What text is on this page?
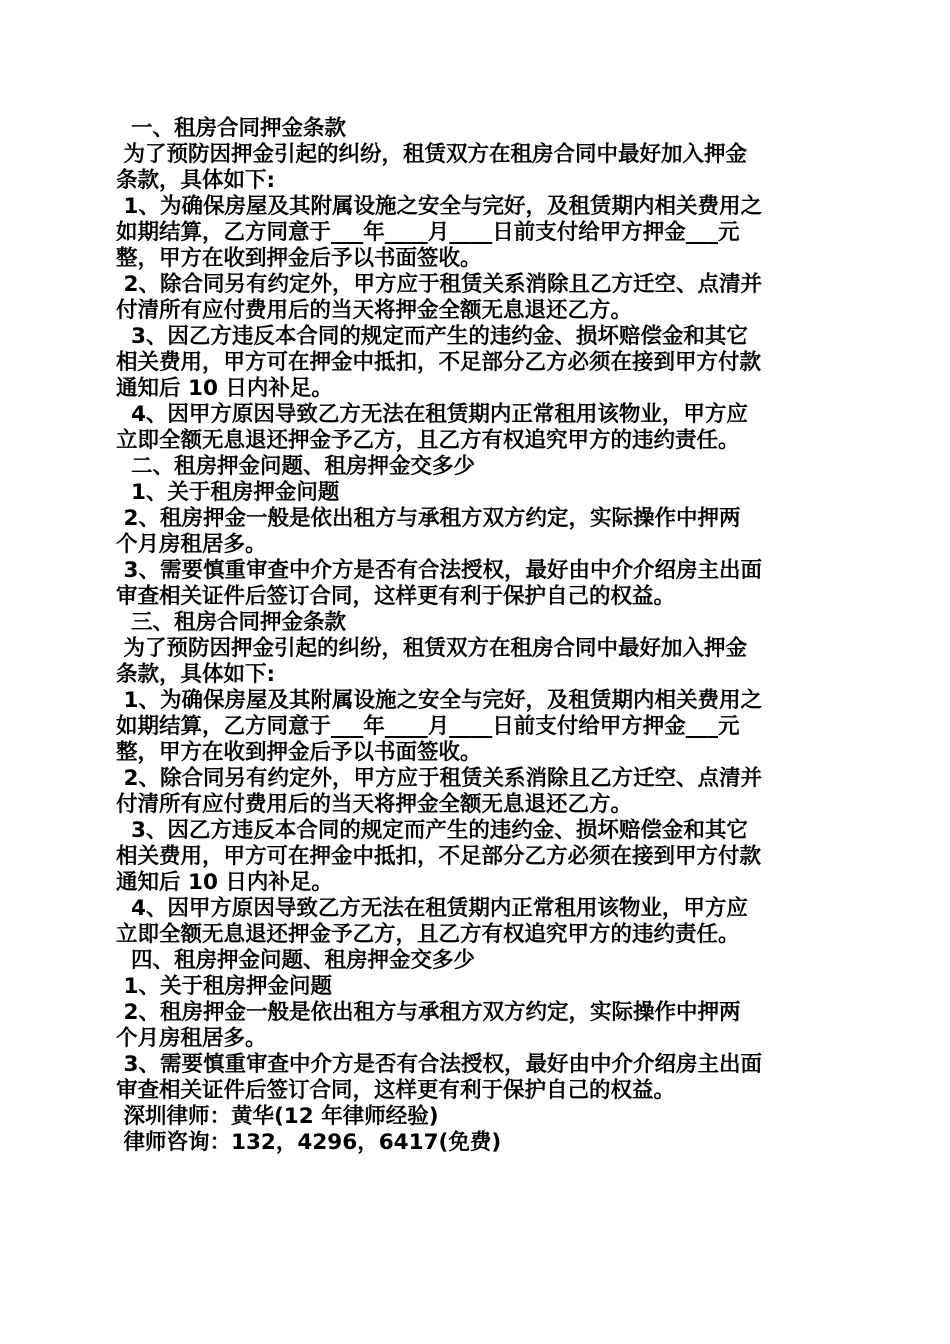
一、租房合同押金条款

为了预防因押金引起的纠纷，租赁双方在租房合同中最好加入押金

条款，具体如下:

1、为确保房屋及其附属设施之安全与完好，及租赁期内相关费用之

如期结算，乙方同意于___年____月____日前支付给甲方押金___元

整，甲方在收到押金后予以书面签收。

2、除合同另有约定外，甲方应于租赁关系消除且乙方迁空、点清并

付清所有应付费用后的当天将押金全额无息退还乙方。

3、因乙方违反本合同的规定而产生的违约金、损坏赔偿金和其它

相关费用，甲方可在押金中抵扣，不足部分乙方必须在接到甲方付款

通知后 10 日内补足。

4、因甲方原因导致乙方无法在租赁期内正常租用该物业，甲方应

立即全额无息退还押金予乙方，且乙方有权追究甲方的违约责任。

二、租房押金问题、租房押金交多少

1、关于租房押金问题

2、租房押金一般是依出租方与承租方双方约定，实际操作中押两

个月房租居多。

3、需要慎重审查中介方是否有合法授权，最好由中介介绍房主出面

审查相关证件后签订合同，这样更有利于保护自己的权益。

三、租房合同押金条款

为了预防因押金引起的纠纷，租赁双方在租房合同中最好加入押金

条款，具体如下:

1、为确保房屋及其附属设施之安全与完好，及租赁期内相关费用之

如期结算，乙方同意于___年____月____日前支付给甲方押金___元

整，甲方在收到押金后予以书面签收。

2、除合同另有约定外，甲方应于租赁关系消除且乙方迁空、点清并

付清所有应付费用后的当天将押金全额无息退还乙方。

3、因乙方违反本合同的规定而产生的违约金、损坏赔偿金和其它

相关费用，甲方可在押金中抵扣，不足部分乙方必须在接到甲方付款

通知后 10 日内补足。

4、因甲方原因导致乙方无法在租赁期内正常租用该物业，甲方应

立即全额无息退还押金予乙方，且乙方有权追究甲方的违约责任。

四、租房押金问题、租房押金交多少

1、关于租房押金问题

2、租房押金一般是依出租方与承租方双方约定，实际操作中押两

个月房租居多。

3、需要慎重审查中介方是否有合法授权，最好由中介介绍房主出面

审查相关证件后签订合同，这样更有利于保护自己的权益。

深圳律师：黄华(12 年律师经验)

律师咨询：132，4296，6417(免费)
